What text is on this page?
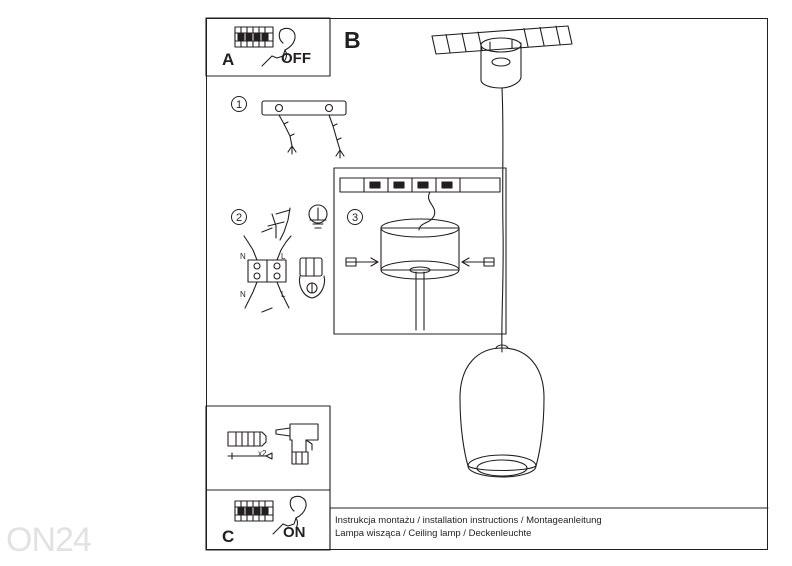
ON24
A
B
C
OFF
ON
x2
N	L
N	L
1
2	3
Instrukcja montażu / installation instructions / Montageanleitung
Lampa wisząca / Ceiling lamp / Deckenleuchte
